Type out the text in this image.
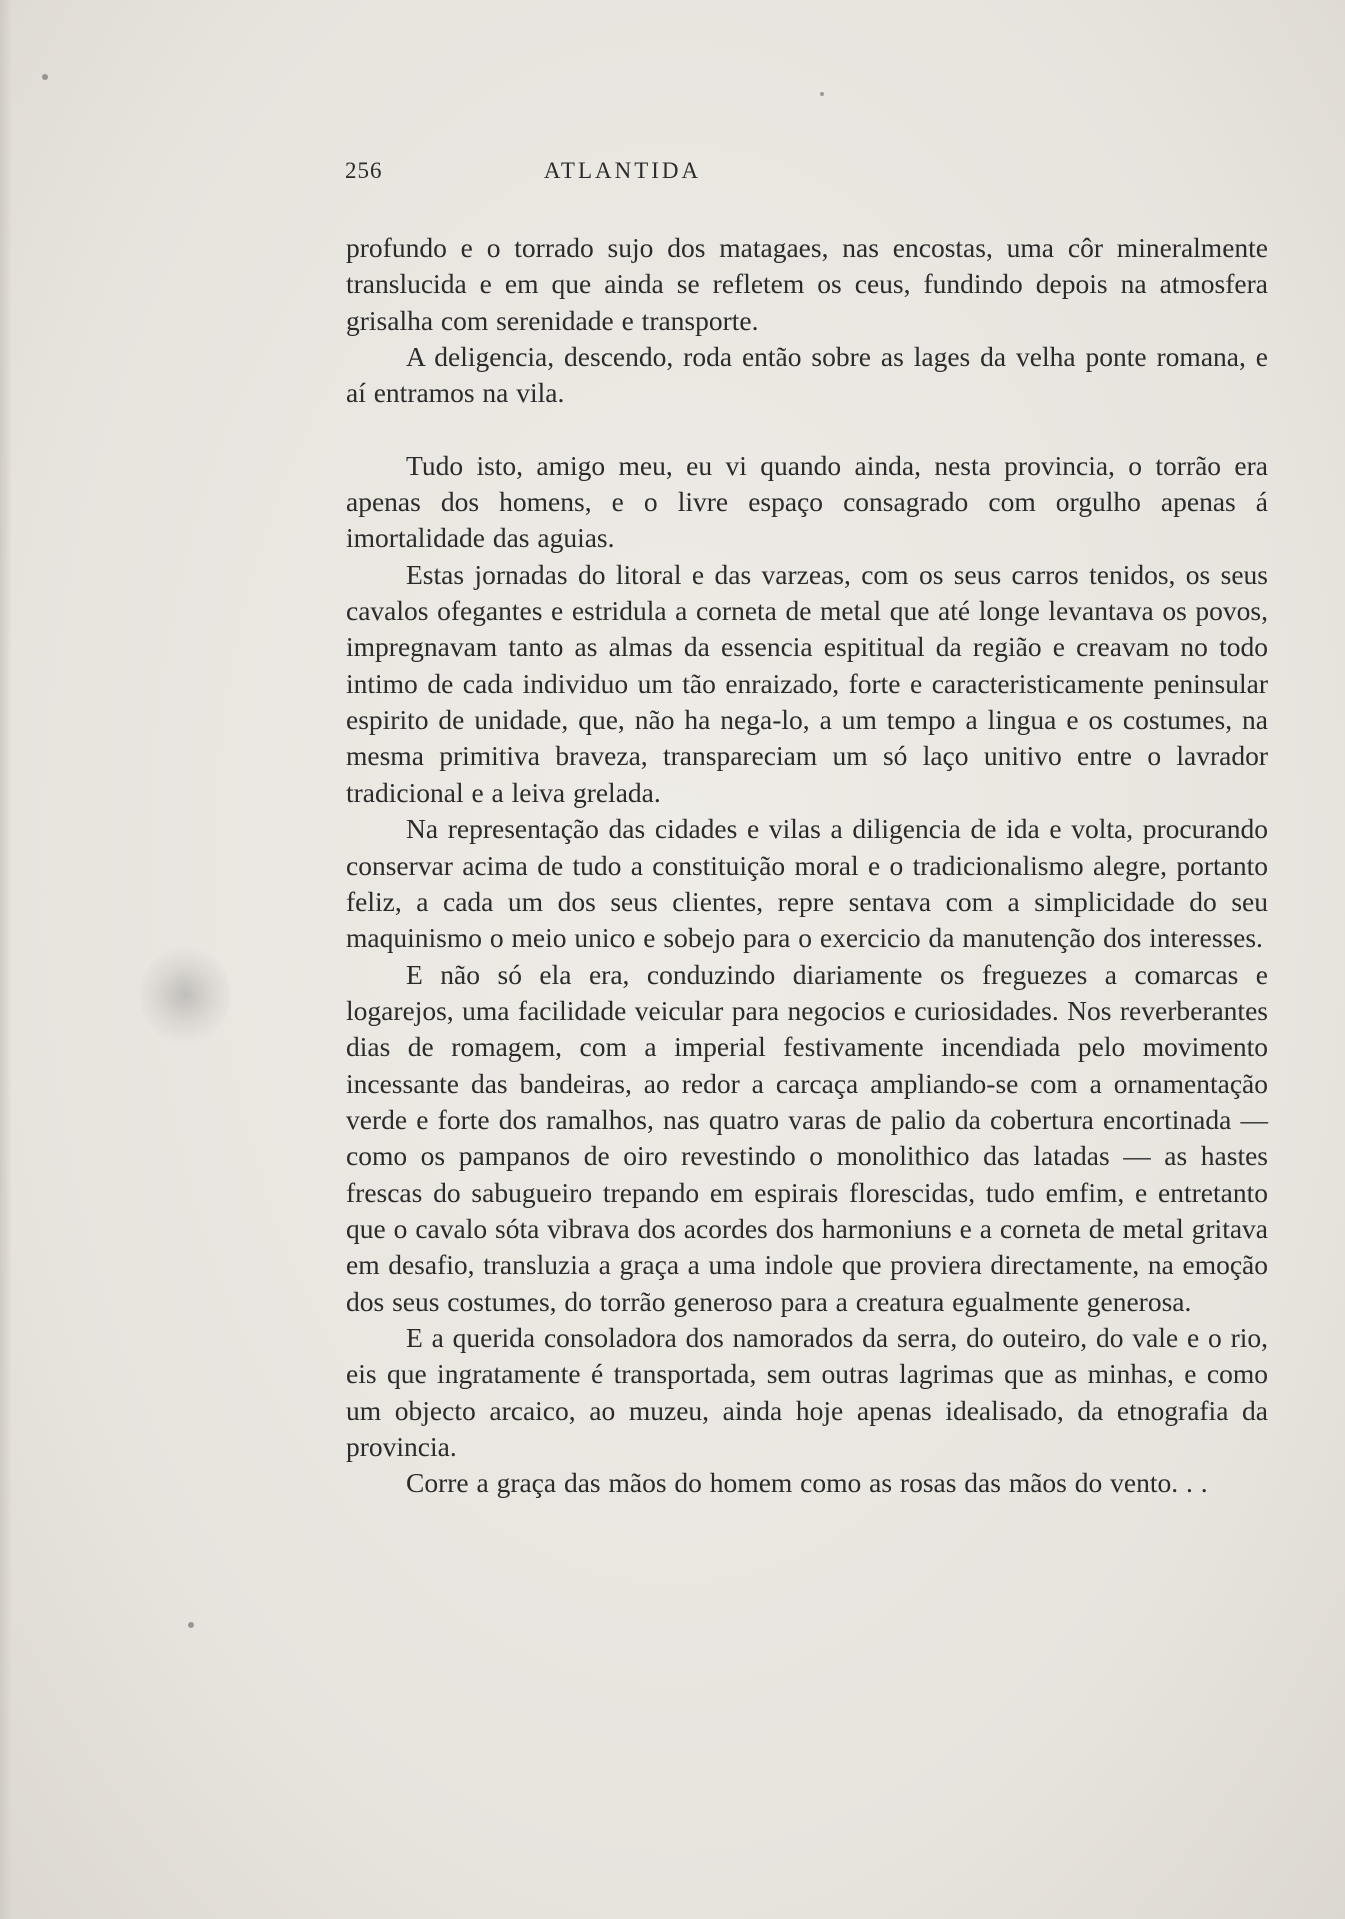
256	ATLANTIDA

profundo e o torrado sujo dos matagaes, nas encostas, uma côr mineralmente translucida e em que ainda se refletem os ceus, fundindo depois na atmosfera grisalha com serenidade e transporte.

A deligencia, descendo, roda então sobre as lages da velha ponte romana, e aí entramos na vila.

Tudo isto, amigo meu, eu vi quando ainda, nesta provincia, o torrão era apenas dos homens, e o livre espaço consagrado com orgulho apenas á imortalidade das aguias.

Estas jornadas do litoral e das varzeas, com os seus carros tenidos, os seus cavalos ofegantes e estridula a corneta de metal que até longe levantava os povos, impregnavam tanto as almas da essencia espititual da região e creavam no todo intimo de cada individuo um tão enraizado, forte e caracteristicamente peninsular espirito de unidade, que, não ha nega-lo, a um tempo a lingua e os costumes, na mesma primitiva braveza, transpareciam um só laço unitivo entre o lavrador tradicional e a leiva grelada.

Na representação das cidades e vilas a diligencia de ida e volta, procurando conservar acima de tudo a constituição moral e o tradicionalismo alegre, portanto feliz, a cada um dos seus clientes, repre sentava com a simplicidade do seu maquinismo o meio unico e sobejo para o exercicio da manutenção dos interesses.

E não só ela era, conduzindo diariamente os freguezes a comarcas e logarejos, uma facilidade veicular para negocios e curiosidades. Nos reverberantes dias de romagem, com a imperial festivamente incendiada pelo movimento incessante das bandeiras, ao redor a carcaça ampliando-se com a ornamentação verde e forte dos ramalhos, nas quatro varas de palio da cobertura encortinada — como os pampanos de oiro revestindo o monolithico das latadas — as hastes frescas do sabugueiro trepando em espirais florescidas, tudo emfim, e entretanto que o cavalo sóta vibrava dos acordes dos harmoniuns e a corneta de metal gritava em desafio, transluzia a graça a uma indole que proviera directamente, na emoção dos seus costumes, do torrão generoso para a creatura egualmente generosa.

E a querida consoladora dos namorados da serra, do outeiro, do vale e o rio, eis que ingratamente é transportada, sem outras lagrimas que as minhas, e como um objecto arcaico, ao muzeu, ainda hoje apenas idealisado, da etnografia da provincia.

Corre a graça das mãos do homem como as rosas das mãos do vento. . .
